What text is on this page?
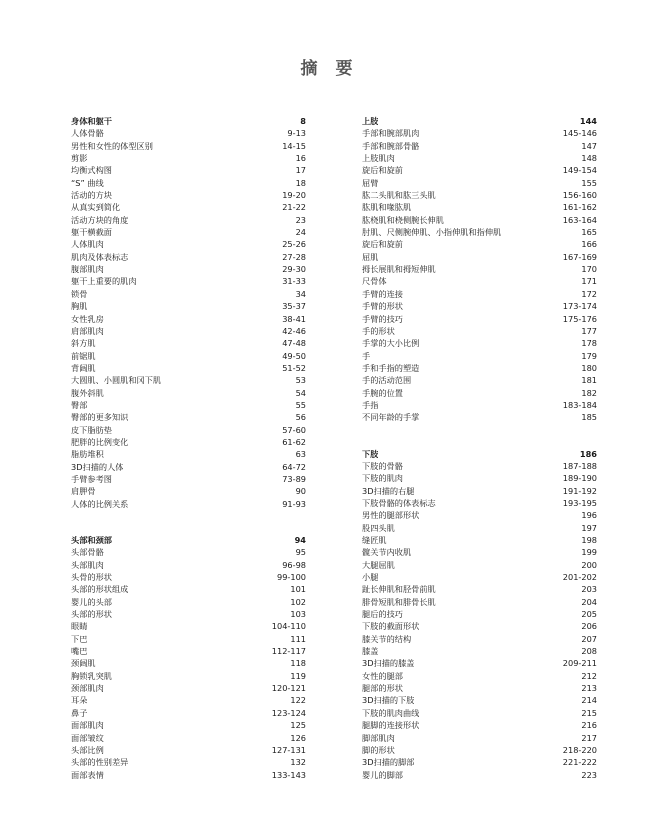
摘 要
身体和躯干	8
人体骨骼	9-13
男性和女性的体型区别	14-15
剪影	16
均衡式构图	17
“S” 曲线	18
活动的方块	19-20
从真实到简化	21-22
活动方块的角度	23
躯干横截面	24
人体肌肉	25-26
肌肉及体表标志	27-28
腹部肌肉	29-30
躯干上重要的肌肉	31-33
锁骨	34
胸肌	35-37
女性乳房	38-41
肩部肌肉	42-46
斜方肌	47-48
前锯肌	49-50
背阔肌	51-52
大圆肌、小圆肌和冈下肌	53
腹外斜肌	54
臀部	55
臀部的更多知识	56
皮下脂肪垫	57-60
肥胖的比例变化	61-62
脂肪堆积	63
3D扫描的人体	64-72
手臂参考图	73-89
肩胛骨	90
人体的比例关系	91-93
头部和颈部	94
头部骨骼	95
头部肌肉	96-98
头骨的形状	99-100
头部的形状组成	101
婴儿的头部	102
头部的形状	103
眼睛	104-110
下巴	111
嘴巴	112-117
颈阔肌	118
胸锁乳突肌	119
颈部肌肉	120-121
耳朵	122
鼻子	123-124
面部肌肉	125
面部皱纹	126
头部比例	127-131
头部的性别差异	132
面部表情	133-143
上肢	144
手部和腕部肌肉	145-146
手部和腕部骨骼	147
上肢肌肉	148
旋后和旋前	149-154
屈臂	155
肱二头肌和肱三头肌	156-160
肱肌和喙肱肌	161-162
肱桡肌和桡侧腕长伸肌	163-164
肘肌、尺侧腕伸肌、小指伸肌和指伸肌	165
旋后和旋前	166
屈肌	167-169
拇长展肌和拇短伸肌	170
尺骨体	171
手臂的连接	172
手臂的形状	173-174
手臂的技巧	175-176
手的形状	177
手掌的大小比例	178
手	179
手和手指的塑造	180
手的活动范围	181
手腕的位置	182
手指	183-184
不同年龄的手掌	185
下肢	186
下肢的骨骼	187-188
下肢的肌肉	189-190
3D扫描的右腿	191-192
下肢骨骼的体表标志	193-195
男性的腿部形状	196
股四头肌	197
缝匠肌	198
髋关节内收肌	199
大腿屈肌	200
小腿	201-202
趾长伸肌和胫骨前肌	203
腓骨短肌和腓骨长肌	204
腿后的技巧	205
下肢的截面形状	206
膝关节的结构	207
膝盖	208
3D扫描的膝盖	209-211
女性的腿部	212
腿部的形状	213
3D扫描的下肢	214
下肢的肌肉曲线	215
腿脚的连接形状	216
脚部肌肉	217
脚的形状	218-220
3D扫描的脚部	221-222
婴儿的脚部	223
